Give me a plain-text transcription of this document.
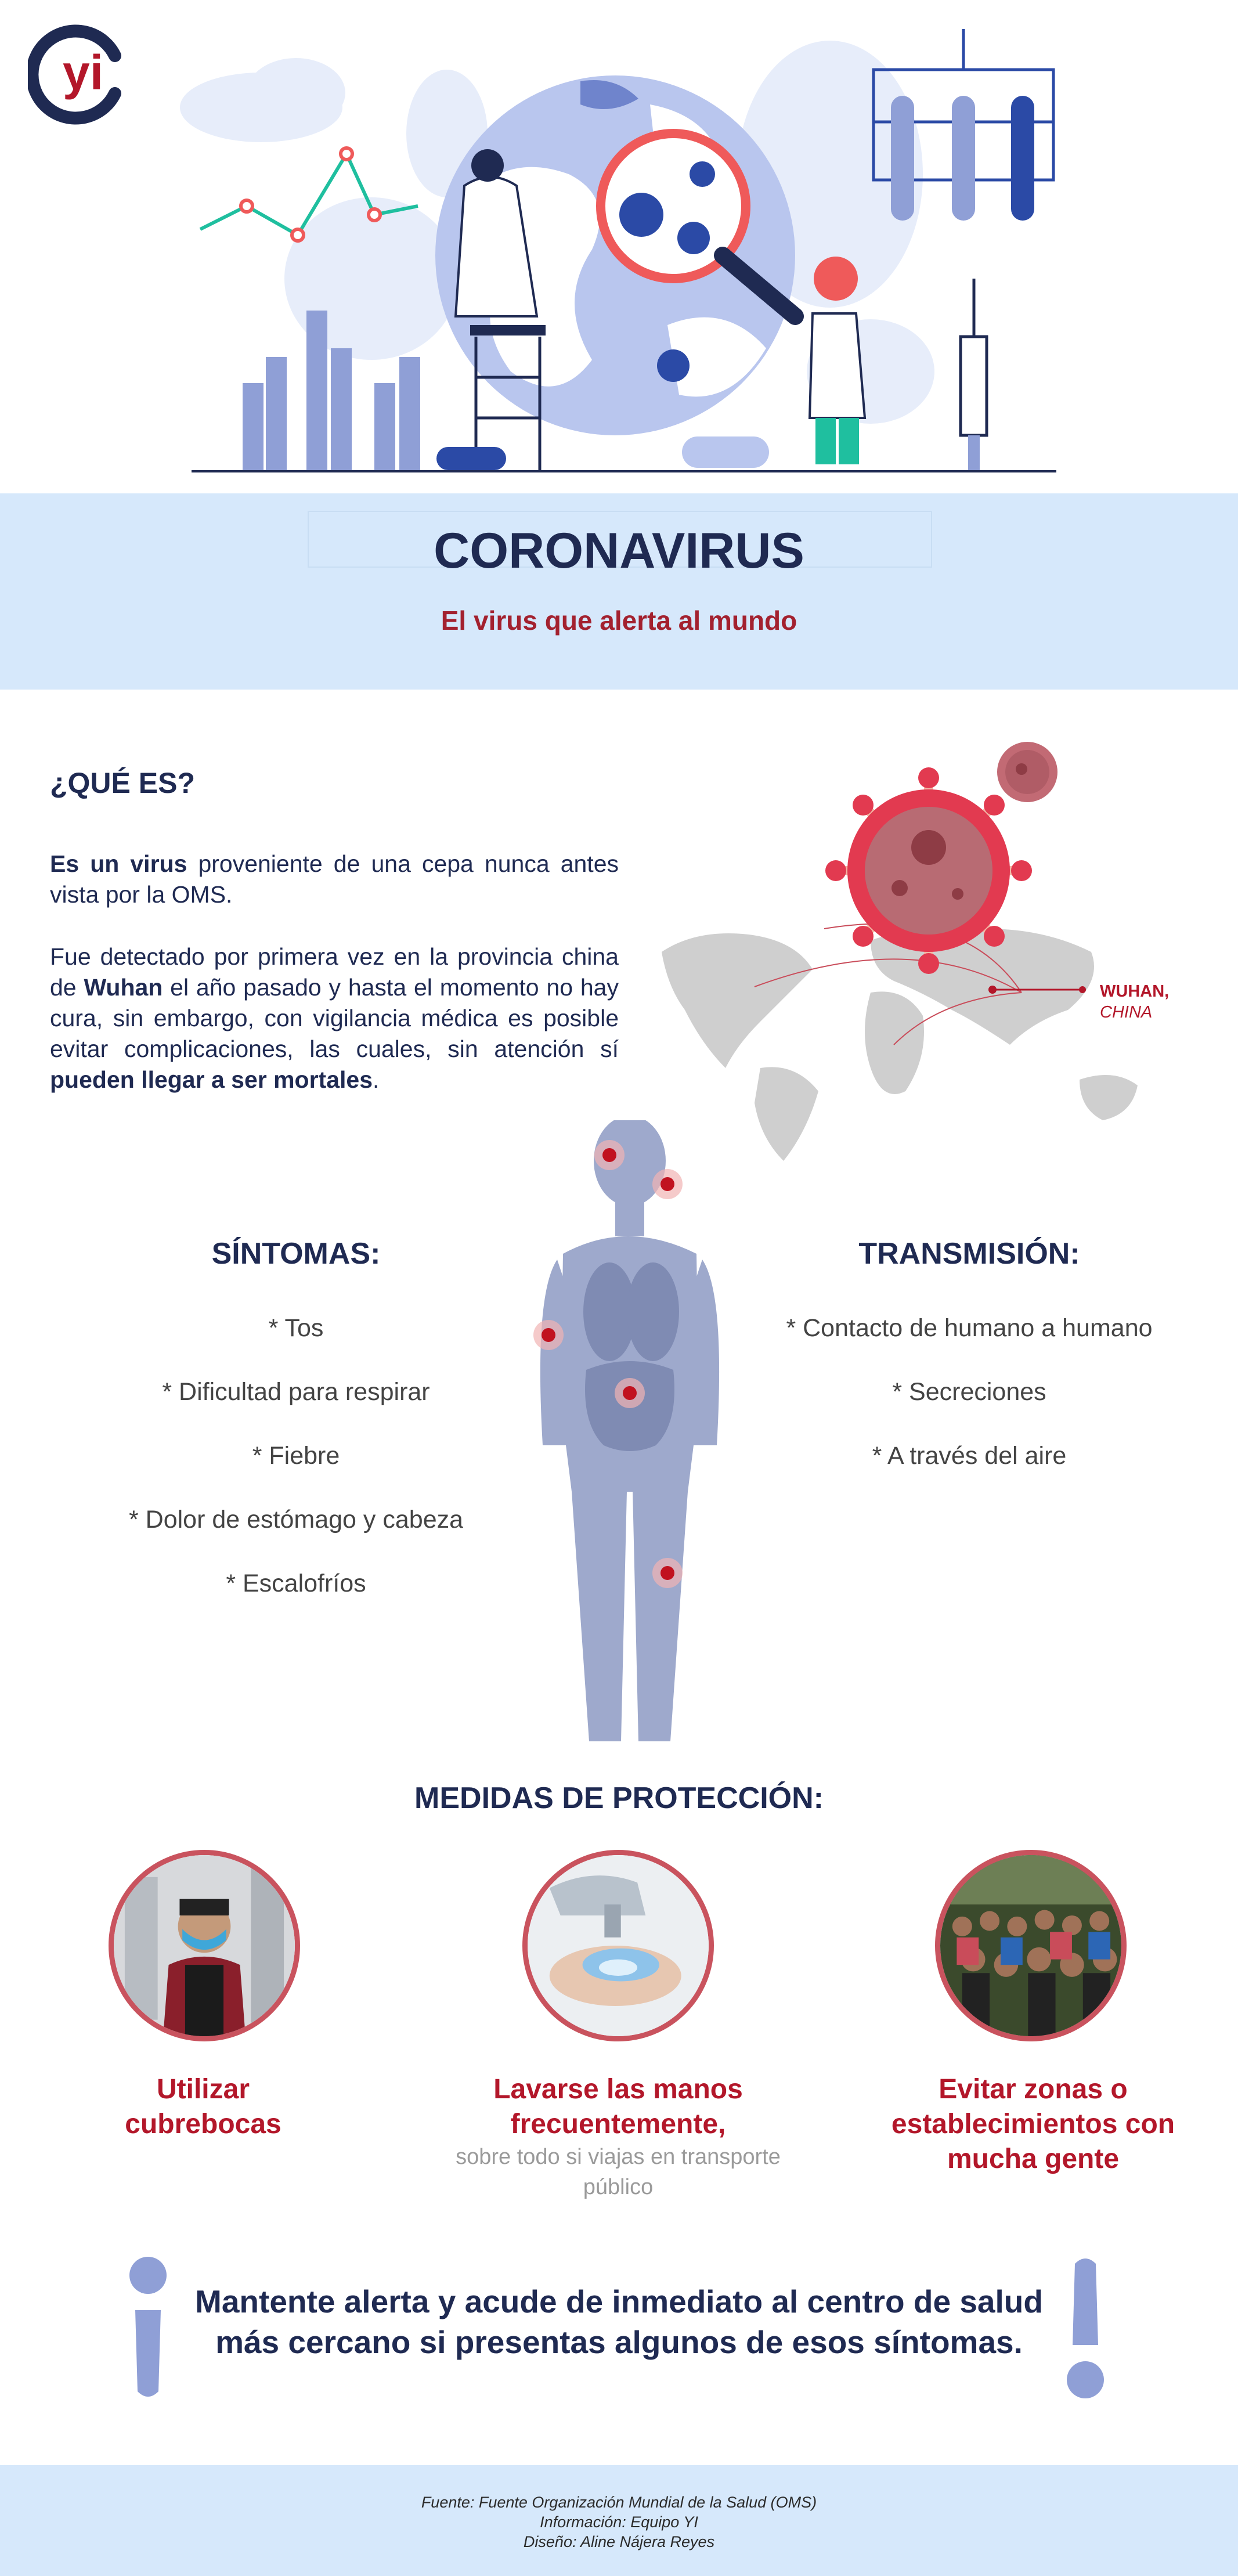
yi
CORONAVIRUS
El virus que alerta al mundo
¿QUÉ ES?
Es un virus proveniente de una cepa nunca antes vista por la OMS.
Fue detectado por primera vez en la provincia china de Wuhan el año pasado y hasta el momento no hay cura, sin embargo, con vigilancia médica es posible evitar complicaciones, las cuales, sin atención sí pueden llegar a ser mortales.
WUHAN,
CHINA
SÍNTOMAS:
* Tos
* Dificultad para respirar
* Fiebre
* Dolor de estómago y cabeza
* Escalofríos
TRANSMISIÓN:
* Contacto de humano a humano
* Secreciones
* A través del aire
MEDIDAS DE PROTECCIÓN:
Utilizar cubrebocas
Lavarse las manos frecuentemente,
sobre todo si viajas en transporte público
Evitar zonas o establecimientos con mucha gente
Mantente alerta y acude de inmediato al centro de salud más cercano si presentas algunos de esos síntomas.
Fuente: Fuente Organización Mundial de la Salud (OMS)
Información: Equipo YI
Diseño: Aline Nájera Reyes
